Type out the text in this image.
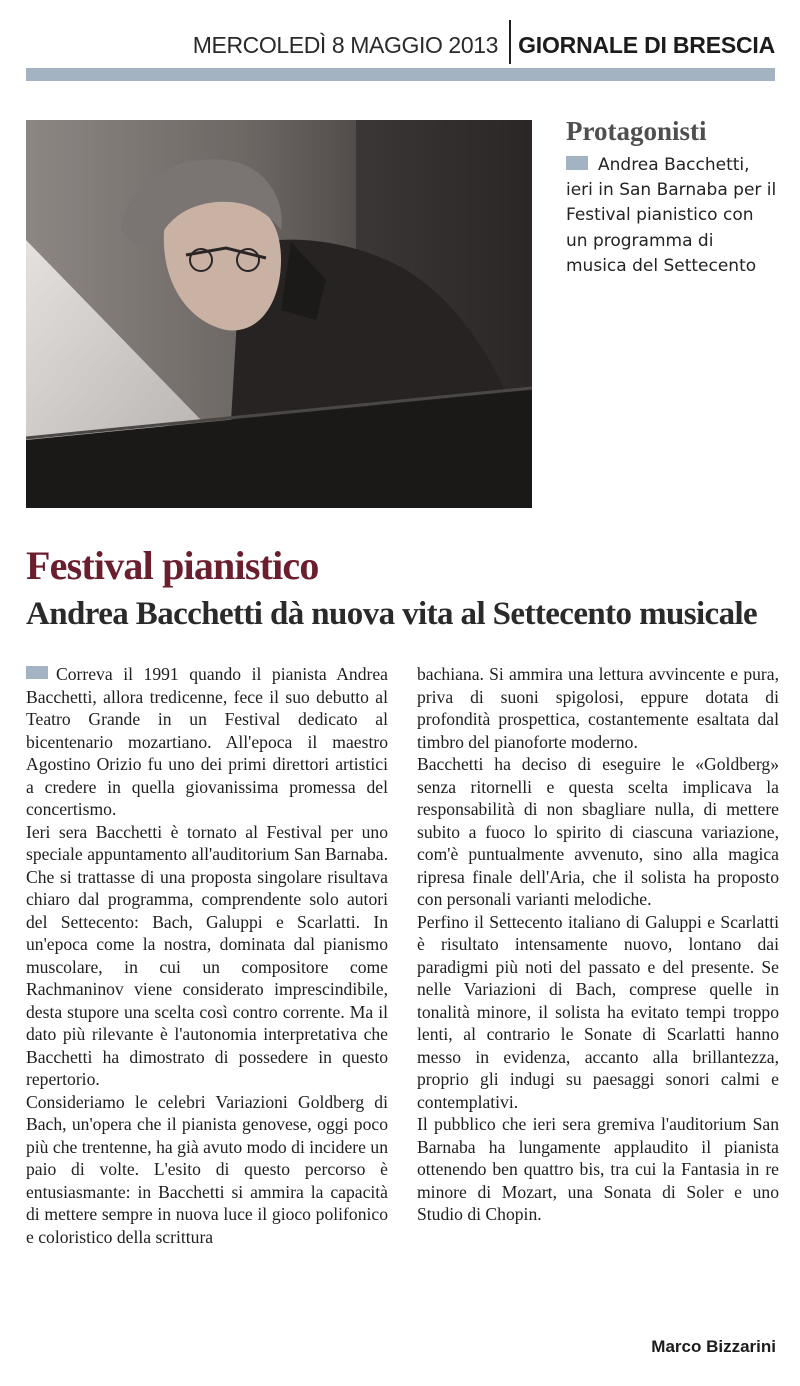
MERCOLEDÌ 8 MAGGIO 2013 GIORNALE DI BRESCIA
Protagonisti
Andrea Bacchetti, ieri in San Barnaba per il Festival pianistico con un programma di musica del Settecento
Festival pianistico
Andrea Bacchetti dà nuova vita al Settecento musicale

Correva il 1991 quando il pianista Andrea Bacchetti, allora tredicenne, fece il suo debutto al Teatro Grande in un Festival dedicato al bicentenario mozartiano. All'epoca il maestro Agostino Orizio fu uno dei primi direttori artistici a credere in quella giovanissima promessa del concertismo.

Ieri sera Bacchetti è tornato al Festival per uno speciale appuntamento all'auditorium San Barnaba. Che si trattasse di una proposta singolare risultava chiaro dal programma, comprendente solo autori del Settecento: Bach, Galuppi e Scarlatti. In un'epoca come la nostra, dominata dal pianismo muscolare, in cui un compositore come Rachmaninov viene considerato imprescindibile, desta stupore una scelta così contro corrente. Ma il dato più rilevante è l'autonomia interpretativa che Bacchetti ha dimostrato di possedere in questo repertorio.

Consideriamo le celebri Variazioni Goldberg di Bach, un'opera che il pianista genovese, oggi poco più che trentenne, ha già avuto modo di incidere un paio di volte. L'esito di questo percorso è entusiasmante: in Bacchetti si ammira la capacità di mettere sempre in nuova luce il gioco polifonico e coloristico della scrittura

bachiana. Si ammira una lettura avvincente e pura, priva di suoni spigolosi, eppure dotata di profondità prospettica, costantemente esaltata dal timbro del pianoforte moderno.

Bacchetti ha deciso di eseguire le «Goldberg» senza ritornelli e questa scelta implicava la responsabilità di non sbagliare nulla, di mettere subito a fuoco lo spirito di ciascuna variazione, com'è puntualmente avvenuto, sino alla magica ripresa finale dell'Aria, che il solista ha proposto con personali varianti melodiche.

Perfino il Settecento italiano di Galuppi e Scarlatti è risultato intensamente nuovo, lontano dai paradigmi più noti del passato e del presente. Se nelle Variazioni di Bach, comprese quelle in tonalità minore, il solista ha evitato tempi troppo lenti, al contrario le Sonate di Scarlatti hanno messo in evidenza, accanto alla brillantezza, proprio gli indugi su paesaggi sonori calmi e contemplativi.

Il pubblico che ieri sera gremiva l'auditorium San Barnaba ha lungamente applaudito il pianista ottenendo ben quattro bis, tra cui la Fantasia in re minore di Mozart, una Sonata di Soler e uno Studio di Chopin.

Marco Bizzarini
